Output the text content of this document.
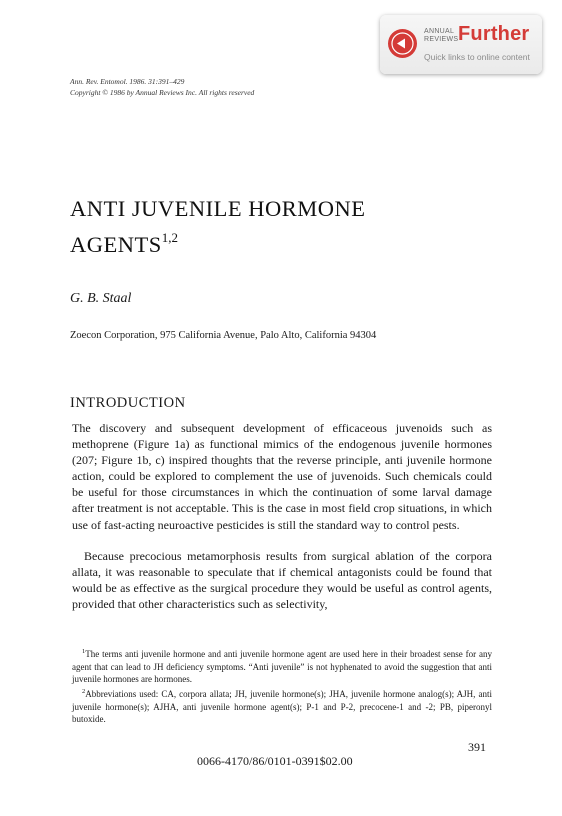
ANNUAL
REVIEWS Further
Quick links to online content
Ann. Rev. Entomol. 1986. 31:391–429
Copyright © 1986 by Annual Reviews Inc. All rights reserved
ANTI JUVENILE HORMONE
AGENTS$^{1,2}$
G. B. Staal
Zoecon Corporation, 975 California Avenue, Palo Alto, California 94304
INTRODUCTION
The discovery and subsequent development of efficaceous juvenoids such as methoprene (Figure 1a) as functional mimics of the endogenous juvenile hormones (207; Figure 1b, c) inspired thoughts that the reverse principle, anti juvenile hormone action, could be explored to complement the use of juvenoids. Such chemicals could be useful for those circumstances in which the continuation of some larval damage after treatment is not acceptable. This is the case in most field crop situations, in which use of fast-acting neuroactive pesticides is still the standard way to control pests.
Because precocious metamorphosis results from surgical ablation of the corpora allata, it was reasonable to speculate that if chemical antagonists could be found that would be as effective as the surgical procedure they would be useful as control agents, provided that other characteristics such as selectivity,
$^1$The terms anti juvenile hormone and anti juvenile hormone agent are used here in their broadest sense for any agent that can lead to JH deficiency symptoms. “Anti juvenile” is not hyphenated to avoid the suggestion that anti juvenile hormones are hormones.
$^2$Abbreviations used: CA, corpora allata; JH, juvenile hormone(s); JHA, juvenile hormone analog(s); AJH, anti juvenile hormone(s); AJHA, anti juvenile hormone agent(s); P-1 and P-2, precocene-1 and -2; PB, piperonyl butoxide.
391
0066-4170/86/0101-0391$02.00
